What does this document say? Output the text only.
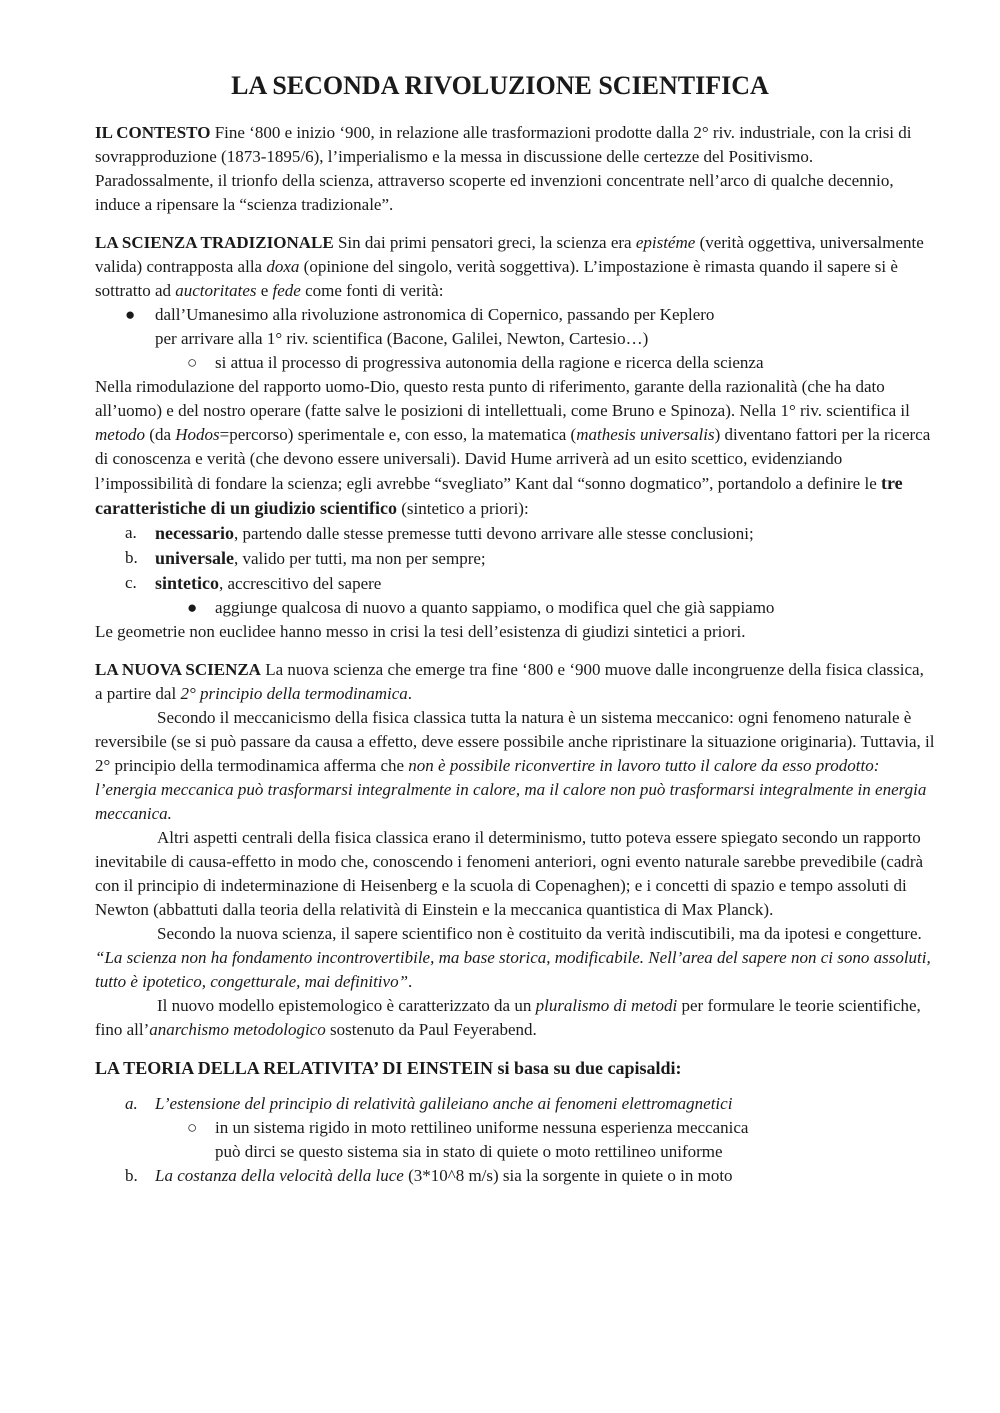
LA SECONDA RIVOLUZIONE SCIENTIFICA

IL CONTESTO Fine ‘800 e inizio ‘900, in relazione alle trasformazioni prodotte dalla 2° riv. industriale, con la crisi di sovrapproduzione (1873-1895/6), l’imperialismo e la messa in discussione delle certezze del Positivismo. Paradossalmente, il trionfo della scienza, attraverso scoperte ed invenzioni concentrate nell’arco di qualche decennio, induce a ripensare la “scienza tradizionale”.

LA SCIENZA TRADIZIONALE Sin dai primi pensatori greci, la scienza era epistéme (verità oggettiva, universalmente valida) contrapposta alla doxa (opinione del singolo, verità soggettiva). L’impostazione è rimasta quando il sapere si è sottratto ad auctoritates e fede come fonti di verità:

● dall’Umanesimo alla rivoluzione astronomica di Copernico, passando per Keplero
per arrivare alla 1° riv. scientifica (Bacone, Galilei, Newton, Cartesio…)
○ si attua il processo di progressiva autonomia della ragione e ricerca della scienza

Nella rimodulazione del rapporto uomo-Dio, questo resta punto di riferimento, garante della razionalità (che ha dato all’uomo) e del nostro operare (fatte salve le posizioni di intellettuali, come Bruno e Spinoza). Nella 1° riv. scientifica il metodo (da Hodos=percorso) sperimentale e, con esso, la matematica (mathesis universalis) diventano fattori per la ricerca di conoscenza e verità (che devono essere universali). David Hume arriverà ad un esito scettico, evidenziando l’impossibilità di fondare la scienza; egli avrebbe “svegliato” Kant dal “sonno dogmatico”, portandolo a definire le tre caratteristiche di un giudizio scientifico (sintetico a priori):

a. necessario, partendo dalle stesse premesse tutti devono arrivare alle stesse conclusioni;
b. universale, valido per tutti, ma non per sempre;
c. sintetico, accrescitivo del sapere
● aggiunge qualcosa di nuovo a quanto sappiamo, o modifica quel che già sappiamo

Le geometrie non euclidee hanno messo in crisi la tesi dell’esistenza di giudizi sintetici a priori.

LA NUOVA SCIENZA La nuova scienza che emerge tra fine ‘800 e ‘900 muove dalle incongruenze della fisica classica, a partire dal 2° principio della termodinamica.

Secondo il meccanicismo della fisica classica tutta la natura è un sistema meccanico: ogni fenomeno naturale è reversibile (se si può passare da causa a effetto, deve essere possibile anche ripristinare la situazione originaria). Tuttavia, il 2° principio della termodinamica afferma che non è possibile riconvertire in lavoro tutto il calore da esso prodotto: l’energia meccanica può trasformarsi integralmente in calore, ma il calore non può trasformarsi integralmente in energia meccanica.

Altri aspetti centrali della fisica classica erano il determinismo, tutto poteva essere spiegato secondo un rapporto inevitabile di causa-effetto in modo che, conoscendo i fenomeni anteriori, ogni evento naturale sarebbe prevedibile (cadrà con il principio di indeterminazione di Heisenberg e la scuola di Copenaghen); e i concetti di spazio e tempo assoluti di Newton (abbattuti dalla teoria della relatività di Einstein e la meccanica quantistica di Max Planck).

Secondo la nuova scienza, il sapere scientifico non è costituito da verità indiscutibili, ma da ipotesi e congetture. “La scienza non ha fondamento incontrovertibile, ma base storica, modificabile. Nell’area del sapere non ci sono assoluti, tutto è ipotetico, congetturale, mai definitivo”.

Il nuovo modello epistemologico è caratterizzato da un pluralismo di metodi per formulare le teorie scientifiche, fino all’anarchismo metodologico sostenuto da Paul Feyerabend.

LA TEORIA DELLA RELATIVITA’ DI EINSTEIN si basa su due capisaldi:

a. L’estensione del principio di relatività galileiano anche ai fenomeni elettromagnetici
○ in un sistema rigido in moto rettilineo uniforme nessuna esperienza meccanica
può dirci se questo sistema sia in stato di quiete o moto rettilineo uniforme
b. La costanza della velocità della luce (3*10^8 m/s) sia la sorgente in quiete o in moto
